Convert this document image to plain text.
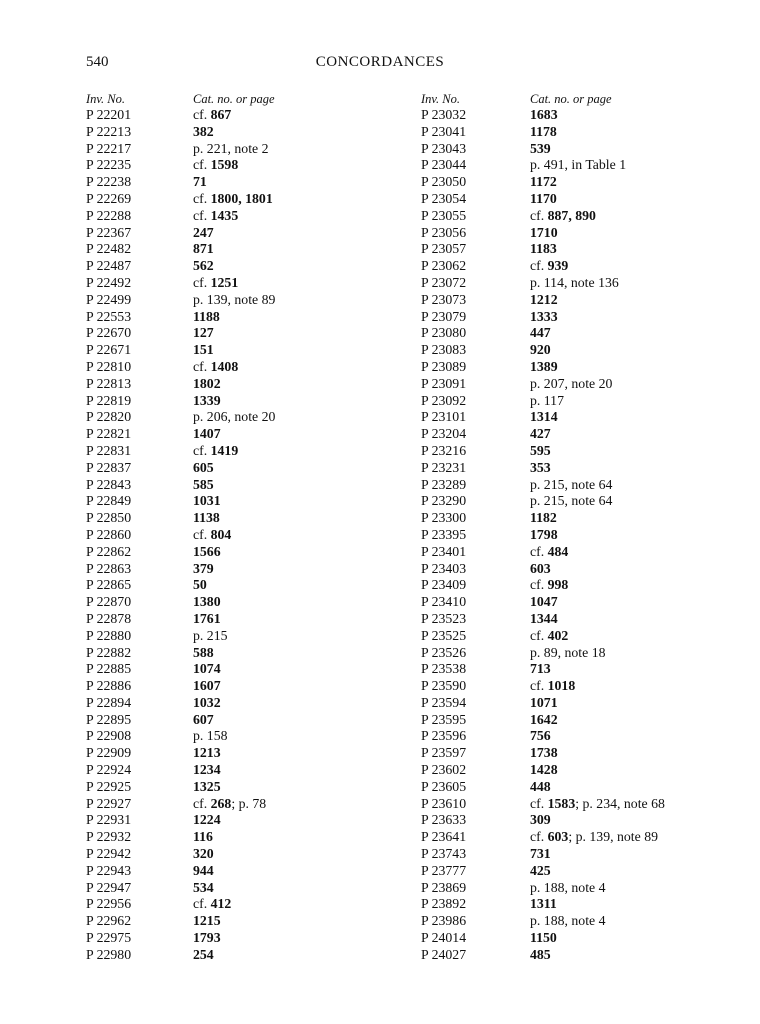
540	CONCORDANCES
Inv. No.	Cat. no. or page
P 22201	cf. 867
P 22213	382
P 22217	p. 221, note 2
P 22235	cf. 1598
P 22238	71
P 22269	cf. 1800, 1801
P 22288	cf. 1435
P 22367	247
P 22482	871
P 22487	562
P 22492	cf. 1251
P 22499	p. 139, note 89
P 22553	1188
P 22670	127
P 22671	151
P 22810	cf. 1408
P 22813	1802
P 22819	1339
P 22820	p. 206, note 20
P 22821	1407
P 22831	cf. 1419
P 22837	605
P 22843	585
P 22849	1031
P 22850	1138
P 22860	cf. 804
P 22862	1566
P 22863	379
P 22865	50
P 22870	1380
P 22878	1761
P 22880	p. 215
P 22882	588
P 22885	1074
P 22886	1607
P 22894	1032
P 22895	607
P 22908	p. 158
P 22909	1213
P 22924	1234
P 22925	1325
P 22927	cf. 268; p. 78
P 22931	1224
P 22932	116
P 22942	320
P 22943	944
P 22947	534
P 22956	cf. 412
P 22962	1215
P 22975	1793
P 22980	254
Inv. No.	Cat. no. or page
P 23032	1683
P 23041	1178
P 23043	539
P 23044	p. 491, in Table 1
P 23050	1172
P 23054	1170
P 23055	cf. 887, 890
P 23056	1710
P 23057	1183
P 23062	cf. 939
P 23072	p. 114, note 136
P 23073	1212
P 23079	1333
P 23080	447
P 23083	920
P 23089	1389
P 23091	p. 207, note 20
P 23092	p. 117
P 23101	1314
P 23204	427
P 23216	595
P 23231	353
P 23289	p. 215, note 64
P 23290	p. 215, note 64
P 23300	1182
P 23395	1798
P 23401	cf. 484
P 23403	603
P 23409	cf. 998
P 23410	1047
P 23523	1344
P 23525	cf. 402
P 23526	p. 89, note 18
P 23538	713
P 23590	cf. 1018
P 23594	1071
P 23595	1642
P 23596	756
P 23597	1738
P 23602	1428
P 23605	448
P 23610	cf. 1583; p. 234, note 68
P 23633	309
P 23641	cf. 603; p. 139, note 89
P 23743	731
P 23777	425
P 23869	p. 188, note 4
P 23892	1311
P 23986	p. 188, note 4
P 24014	1150
P 24027	485
